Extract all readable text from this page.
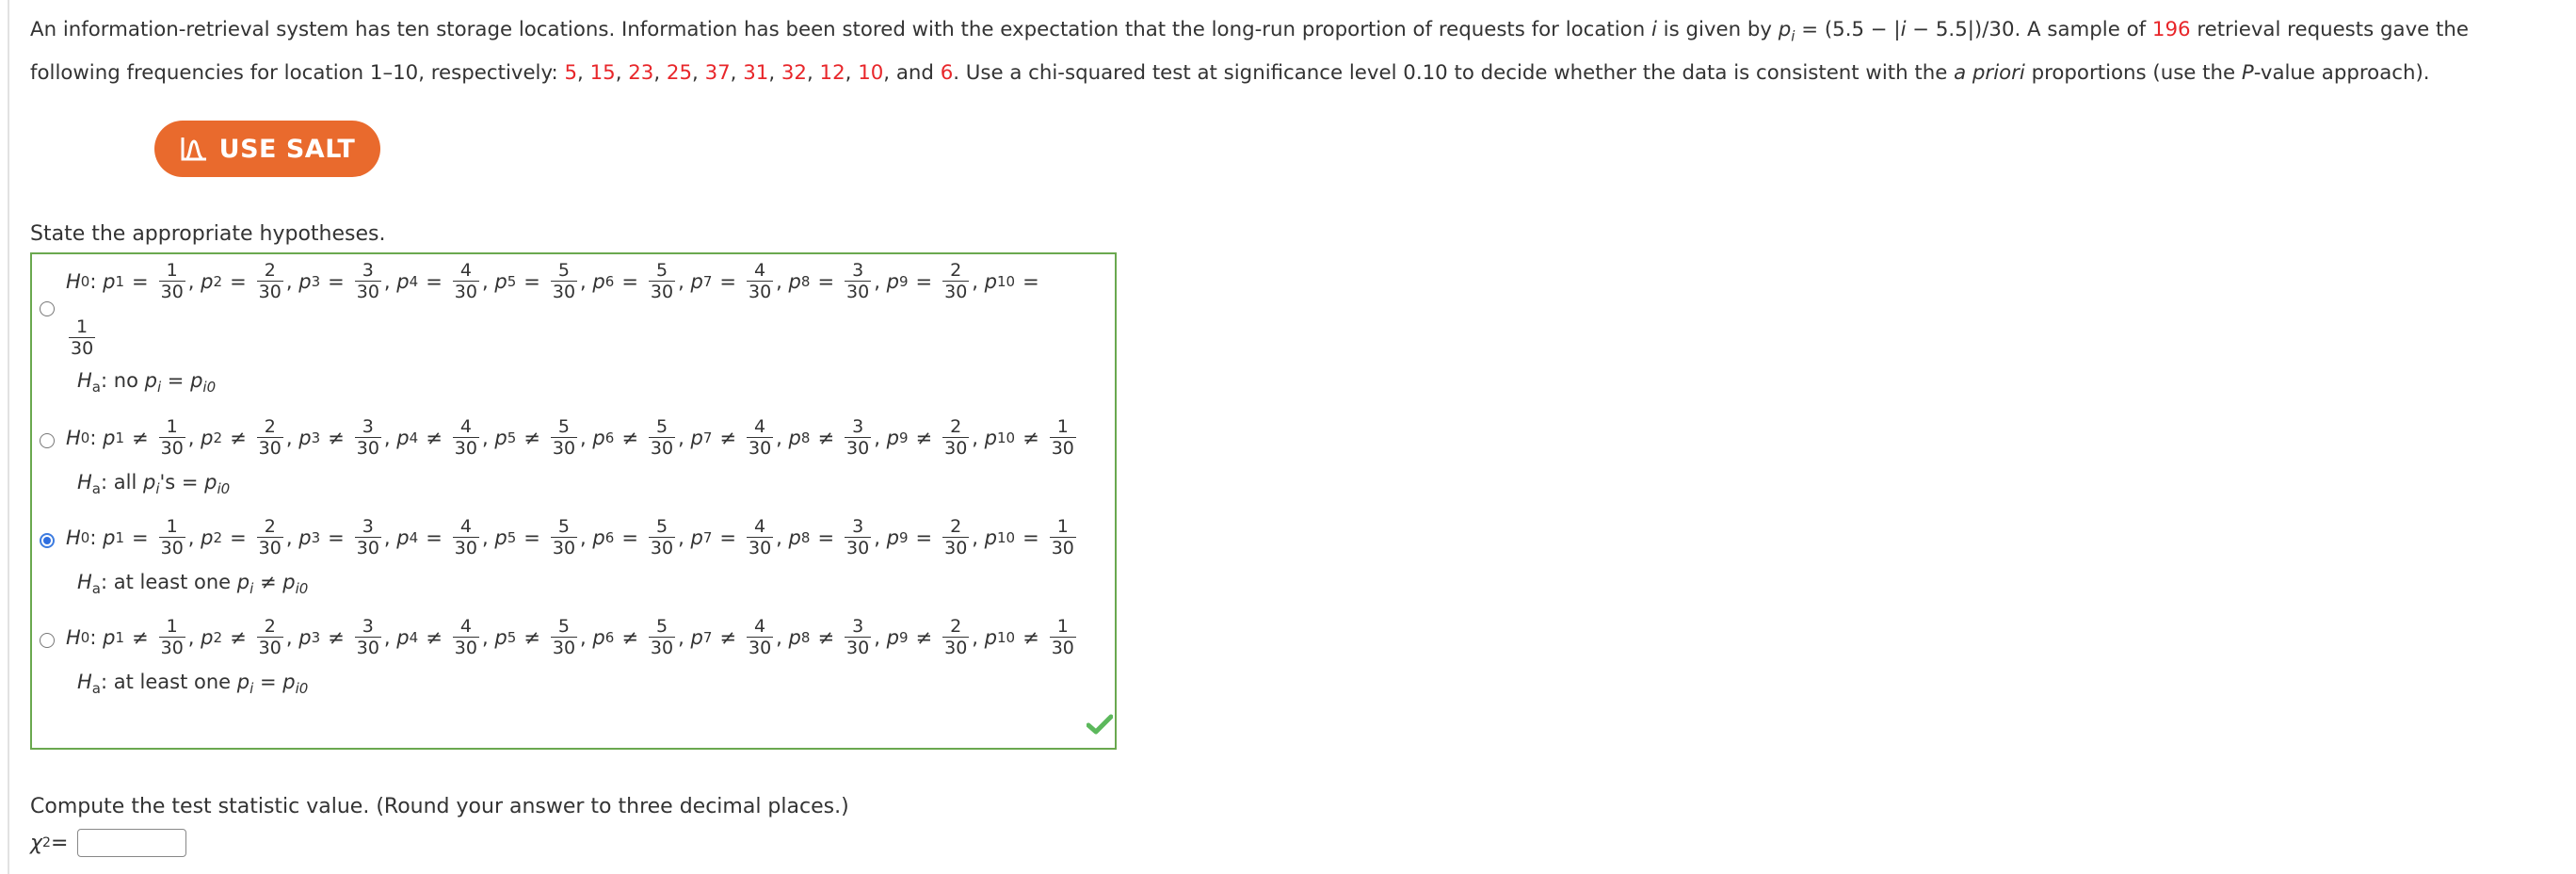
An information-retrieval system has ten storage locations. Information has been stored with the expectation that the long-run proportion of requests for location i is given by $p_i = (5.5 - |i - 5.5|)/30$. A sample of 196 retrieval requests gave the following frequencies for location 1–10, respectively: 5, 15, 23, 25, 37, 31, 32, 12, 10, and 6. Use a chi-squared test at significance level 0.10 to decide whether the data is consistent with the a priori proportions (use the P-value approach).
USE SALT
State the appropriate hypotheses.
H 0 :
p $1 = \frac{1}{30}$ ,
p $2 = \frac{2}{30}$ ,
p $3 = \frac{3}{30}$ ,
p $4 = \frac{4}{30}$ ,
p $5 = \frac{5}{30}$ ,
p $6 = \frac{5}{30}$ ,
p $7 = \frac{4}{30}$ ,
p $8 = \frac{3}{30}$ ,
p $9 = \frac{2}{30}$ ,
p 10 =
$\frac{1}{30}$
$H_a$: no $p_i = p_{i0}$
H 0 :
p $1 \ne \frac{1}{30}$ ,
p $2 \ne \frac{2}{30}$ ,
p $3 \ne \frac{3}{30}$ ,
p $4 \ne \frac{4}{30}$ ,
p $5 \ne \frac{5}{30}$ ,
p $6 \ne \frac{5}{30}$ ,
p $7 \ne \frac{4}{30}$ ,
p $8 \ne \frac{3}{30}$ ,
p $9 \ne \frac{2}{30}$ ,
p $10 \ne \frac{1}{30}$
$H_a$: all $p_i's = p_{i0}$
H 0 :
p $1 = \frac{1}{30}$ ,
p $2 = \frac{2}{30}$ ,
p $3 = \frac{3}{30}$ ,
p $4 = \frac{4}{30}$ ,
p $5 = \frac{5}{30}$ ,
p $6 = \frac{5}{30}$ ,
p $7 = \frac{4}{30}$ ,
p $8 = \frac{3}{30}$ ,
p $9 = \frac{2}{30}$ ,
p $10 = \frac{1}{30}$
$H_a$: at least one $p_i \ne p_{i0}$
H 0 :
p $1 \ne \frac{1}{30}$ ,
p $2 \ne \frac{2}{30}$ ,
p $3 \ne \frac{3}{30}$ ,
p $4 \ne \frac{4}{30}$ ,
p $5 \ne \frac{5}{30}$ ,
p $6 \ne \frac{5}{30}$ ,
p $7 \ne \frac{4}{30}$ ,
p $8 \ne \frac{3}{30}$ ,
p $9 \ne \frac{2}{30}$ ,
p $10 \ne \frac{1}{30}$
$H_a$: at least one $p_i = p_{i0}$
Compute the test statistic value. (Round your answer to three decimal places.)
χ 2 =
